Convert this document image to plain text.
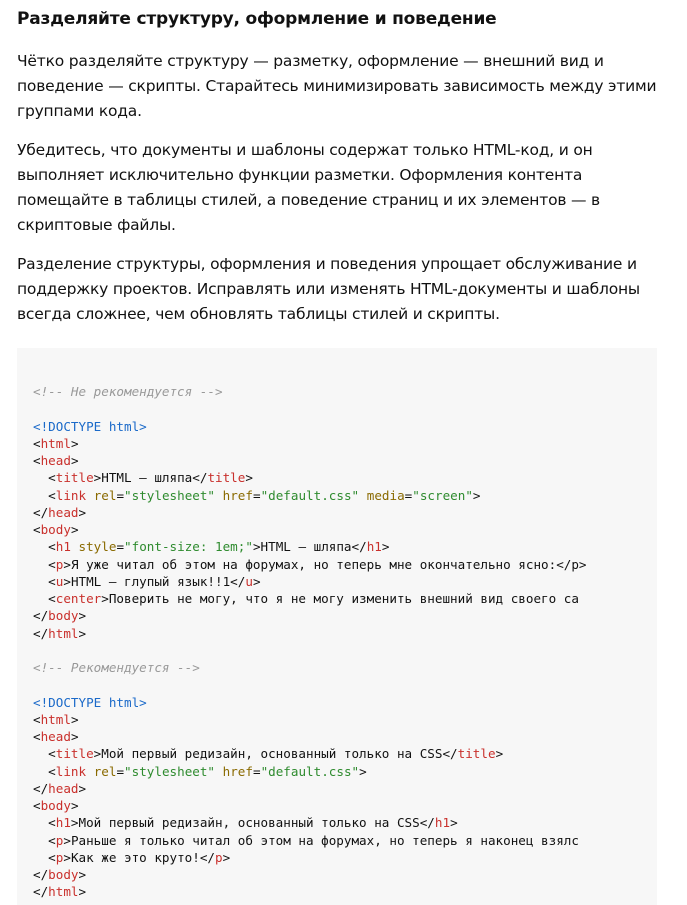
Разделяйте структуру, оформление и поведение

Чётко разделяйте структуру — разметку, оформление — внешний вид и поведение — скрипты. Старайтесь минимизировать зависимость между этими группами кода.

Убедитесь, что документы и шаблоны содержат только HTML-код, и он выполняет исключительно функции разметки. Оформления контента помещайте в таблицы стилей, а поведение страниц и их элементов — в скриптовые файлы.

Разделение структуры, оформления и поведения упрощает обслуживание и поддержку проектов. Исправлять или изменять HTML-документы и шаблоны всегда сложнее, чем обновлять таблицы стилей и скрипты.

<!-- Не рекомендуется -->
<!DOCTYPE html>
<html>
<head>
<title>HTML — шляпа</title>
<link rel="stylesheet" href="default.css" media="screen">
</head>
<body>
<h1 style="font-size: 1em;">HTML — шляпа</h1>
<p>Я уже читал об этом на форумах, но теперь мне окончательно ясно:</p>
<u>HTML — глупый язык!!1</u>
<center>Поверить не могу, что я не могу изменить внешний вид своего са
</body>
</html>
<!-- Рекомендуется -->
<!DOCTYPE html>
<html>
<head>
<title>Мой первый редизайн, основанный только на CSS</title>
<link rel="stylesheet" href="default.css">
</head>
<body>
<h1>Мой первый редизайн, основанный только на CSS</h1>
<p>Раньше я только читал об этом на форумах, но теперь я наконец взялс
<p>Как же это круто!</p>
</body>
</html>
